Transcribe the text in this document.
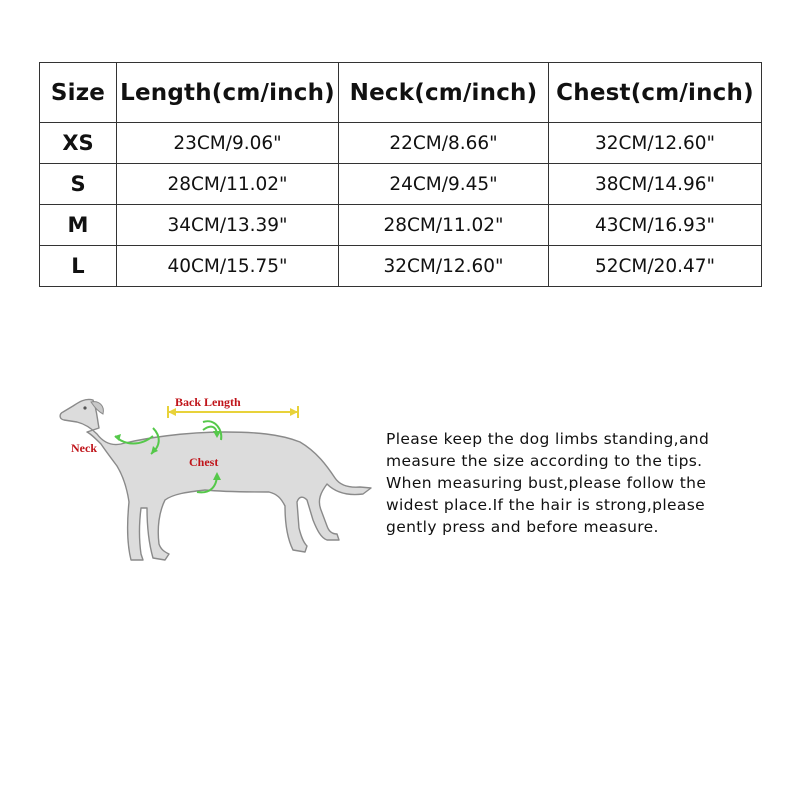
Size	Length(cm/inch)	Neck(cm/inch)	Chest(cm/inch)
XS	23CM/9.06"	22CM/8.66"	32CM/12.60"
S	28CM/11.02"	24CM/9.45"	38CM/14.96"
M	34CM/13.39"	28CM/11.02"	43CM/16.93"
L	40CM/15.75"	32CM/12.60"	52CM/20.47"
Back Length
Neck
Chest
Please keep the dog limbs standing,and
measure the size according to the tips.
When measuring bust,please follow the
widest place.If the hair is strong,please
gently press and before measure.
